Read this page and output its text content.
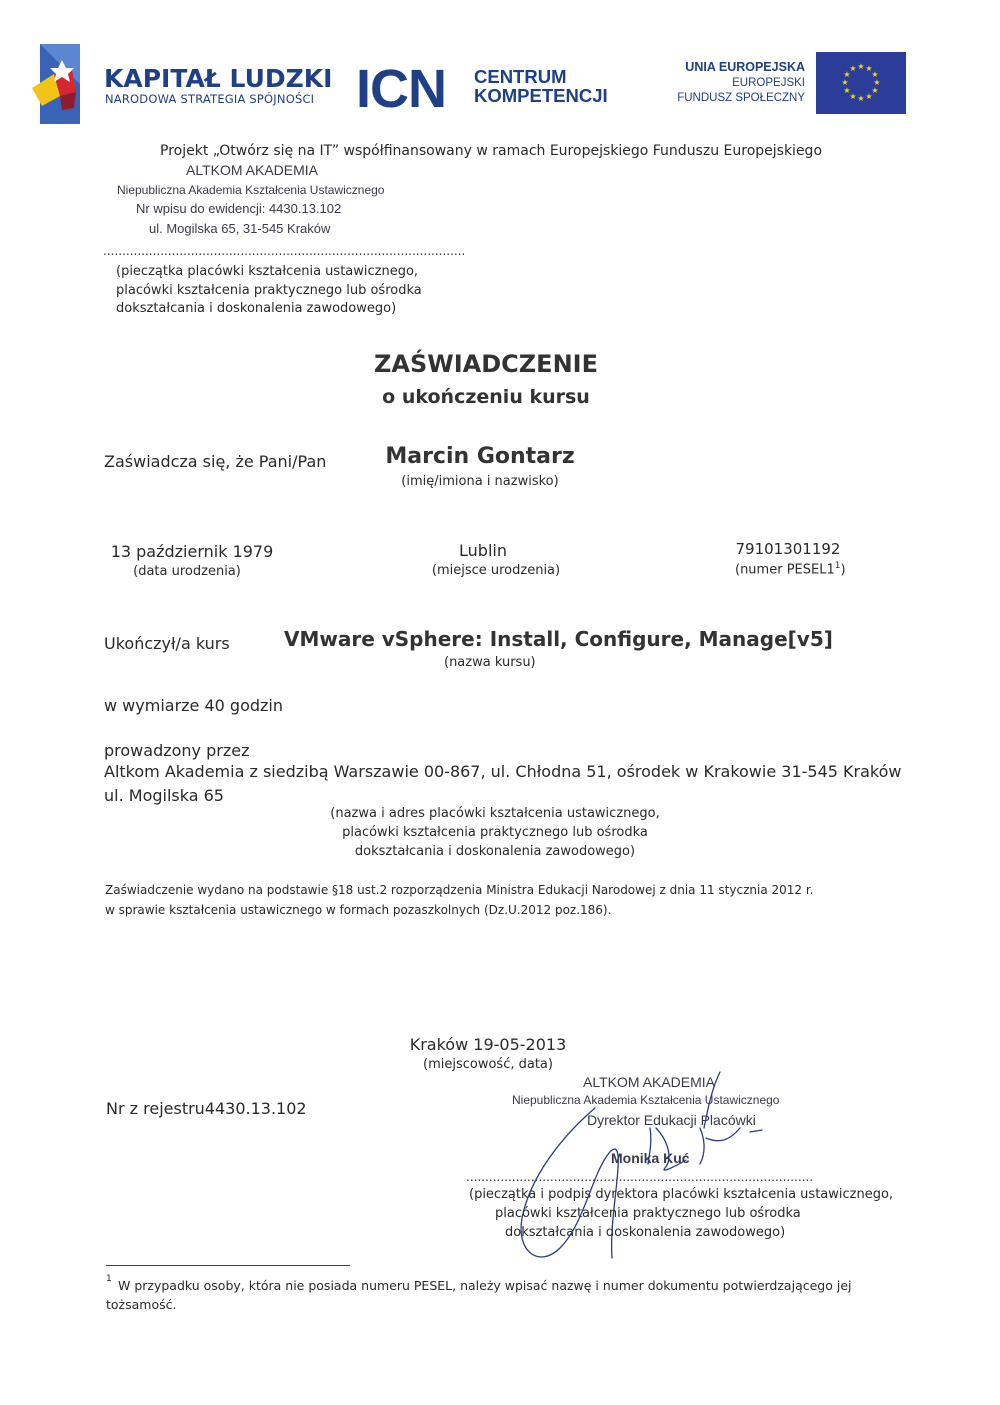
KAPITAŁ LUDZKI
NARODOWA STRATEGIA SPÓJNOŚCI ICN CENTRUM
KOMPETENCJI
UNIA EUROPEJSKA
EUROPEJSKI
FUNDUSZ SPOŁECZNY
★ ★
★
★
★
★
★
★
★
★
★
★
Projekt „Otwórz się na IT” współfinansowany w ramach Europejskiego Funduszu Europejskiego
ALTKOM AKADEMIA
Niepubliczna Akademia Kształcenia Ustawicznego
Nr wpisu do ewidencji: 4430.13.102
ul. Mogilska 65, 31-545 Kraków
...............................................................................................
(pieczątka placówki kształcenia ustawicznego,
placówki kształcenia praktycznego lub ośrodka
dokształcania i doskonalenia zawodowego)
ZAŚWIADCZENIE
o ukończeniu kursu
Zaświadcza się, że Pani/Pan	Marcin Gontarz
(imię/imiona i nazwisko)
13 październik 1979
(data urodzenia)
Lublin
(miejsce urodzenia)
79101301192
(numer $PESEL1^1$)
Ukończył/a kurs	VMware vSphere: Install, Configure, Manage[v5]
(nazwa kursu)
w wymiarze 40 godzin
prowadzony przez
Altkom Akademia z siedzibą Warszawie 00-867, ul. Chłodna 51, ośrodek w Krakowie 31-545 Kraków
ul. Mogilska 65
(nazwa i adres placówki kształcenia ustawicznego,
placówki kształcenia praktycznego lub ośrodka
dokształcania i doskonalenia zawodowego)
Zaświadczenie wydano na podstawie §18 ust.2 rozporządzenia Ministra Edukacji Narodowej z dnia 11 stycznia 2012 r.
w sprawie kształcenia ustawicznego w formach pozaszkolnych (Dz.U.2012 poz.186).
Kraków 19-05-2013
(miejscowość, data)
Nr z rejestru4430.13.102
ALTKOM AKADEMIA
Niepubliczna Akademia Kształcenia Ustawicznego
Dyrektor Edukacji Placówki
Monika Kuć
...........................................................................................
(pieczątka i podpis dyrektora placówki kształcenia ustawicznego,
placówki kształcenia praktycznego lub ośrodka
dokształcania i doskonalenia zawodowego)
1 W przypadku osoby, która nie posiada numeru PESEL, należy wpisać nazwę i numer dokumentu potwierdzającego jej
tożsamość.
